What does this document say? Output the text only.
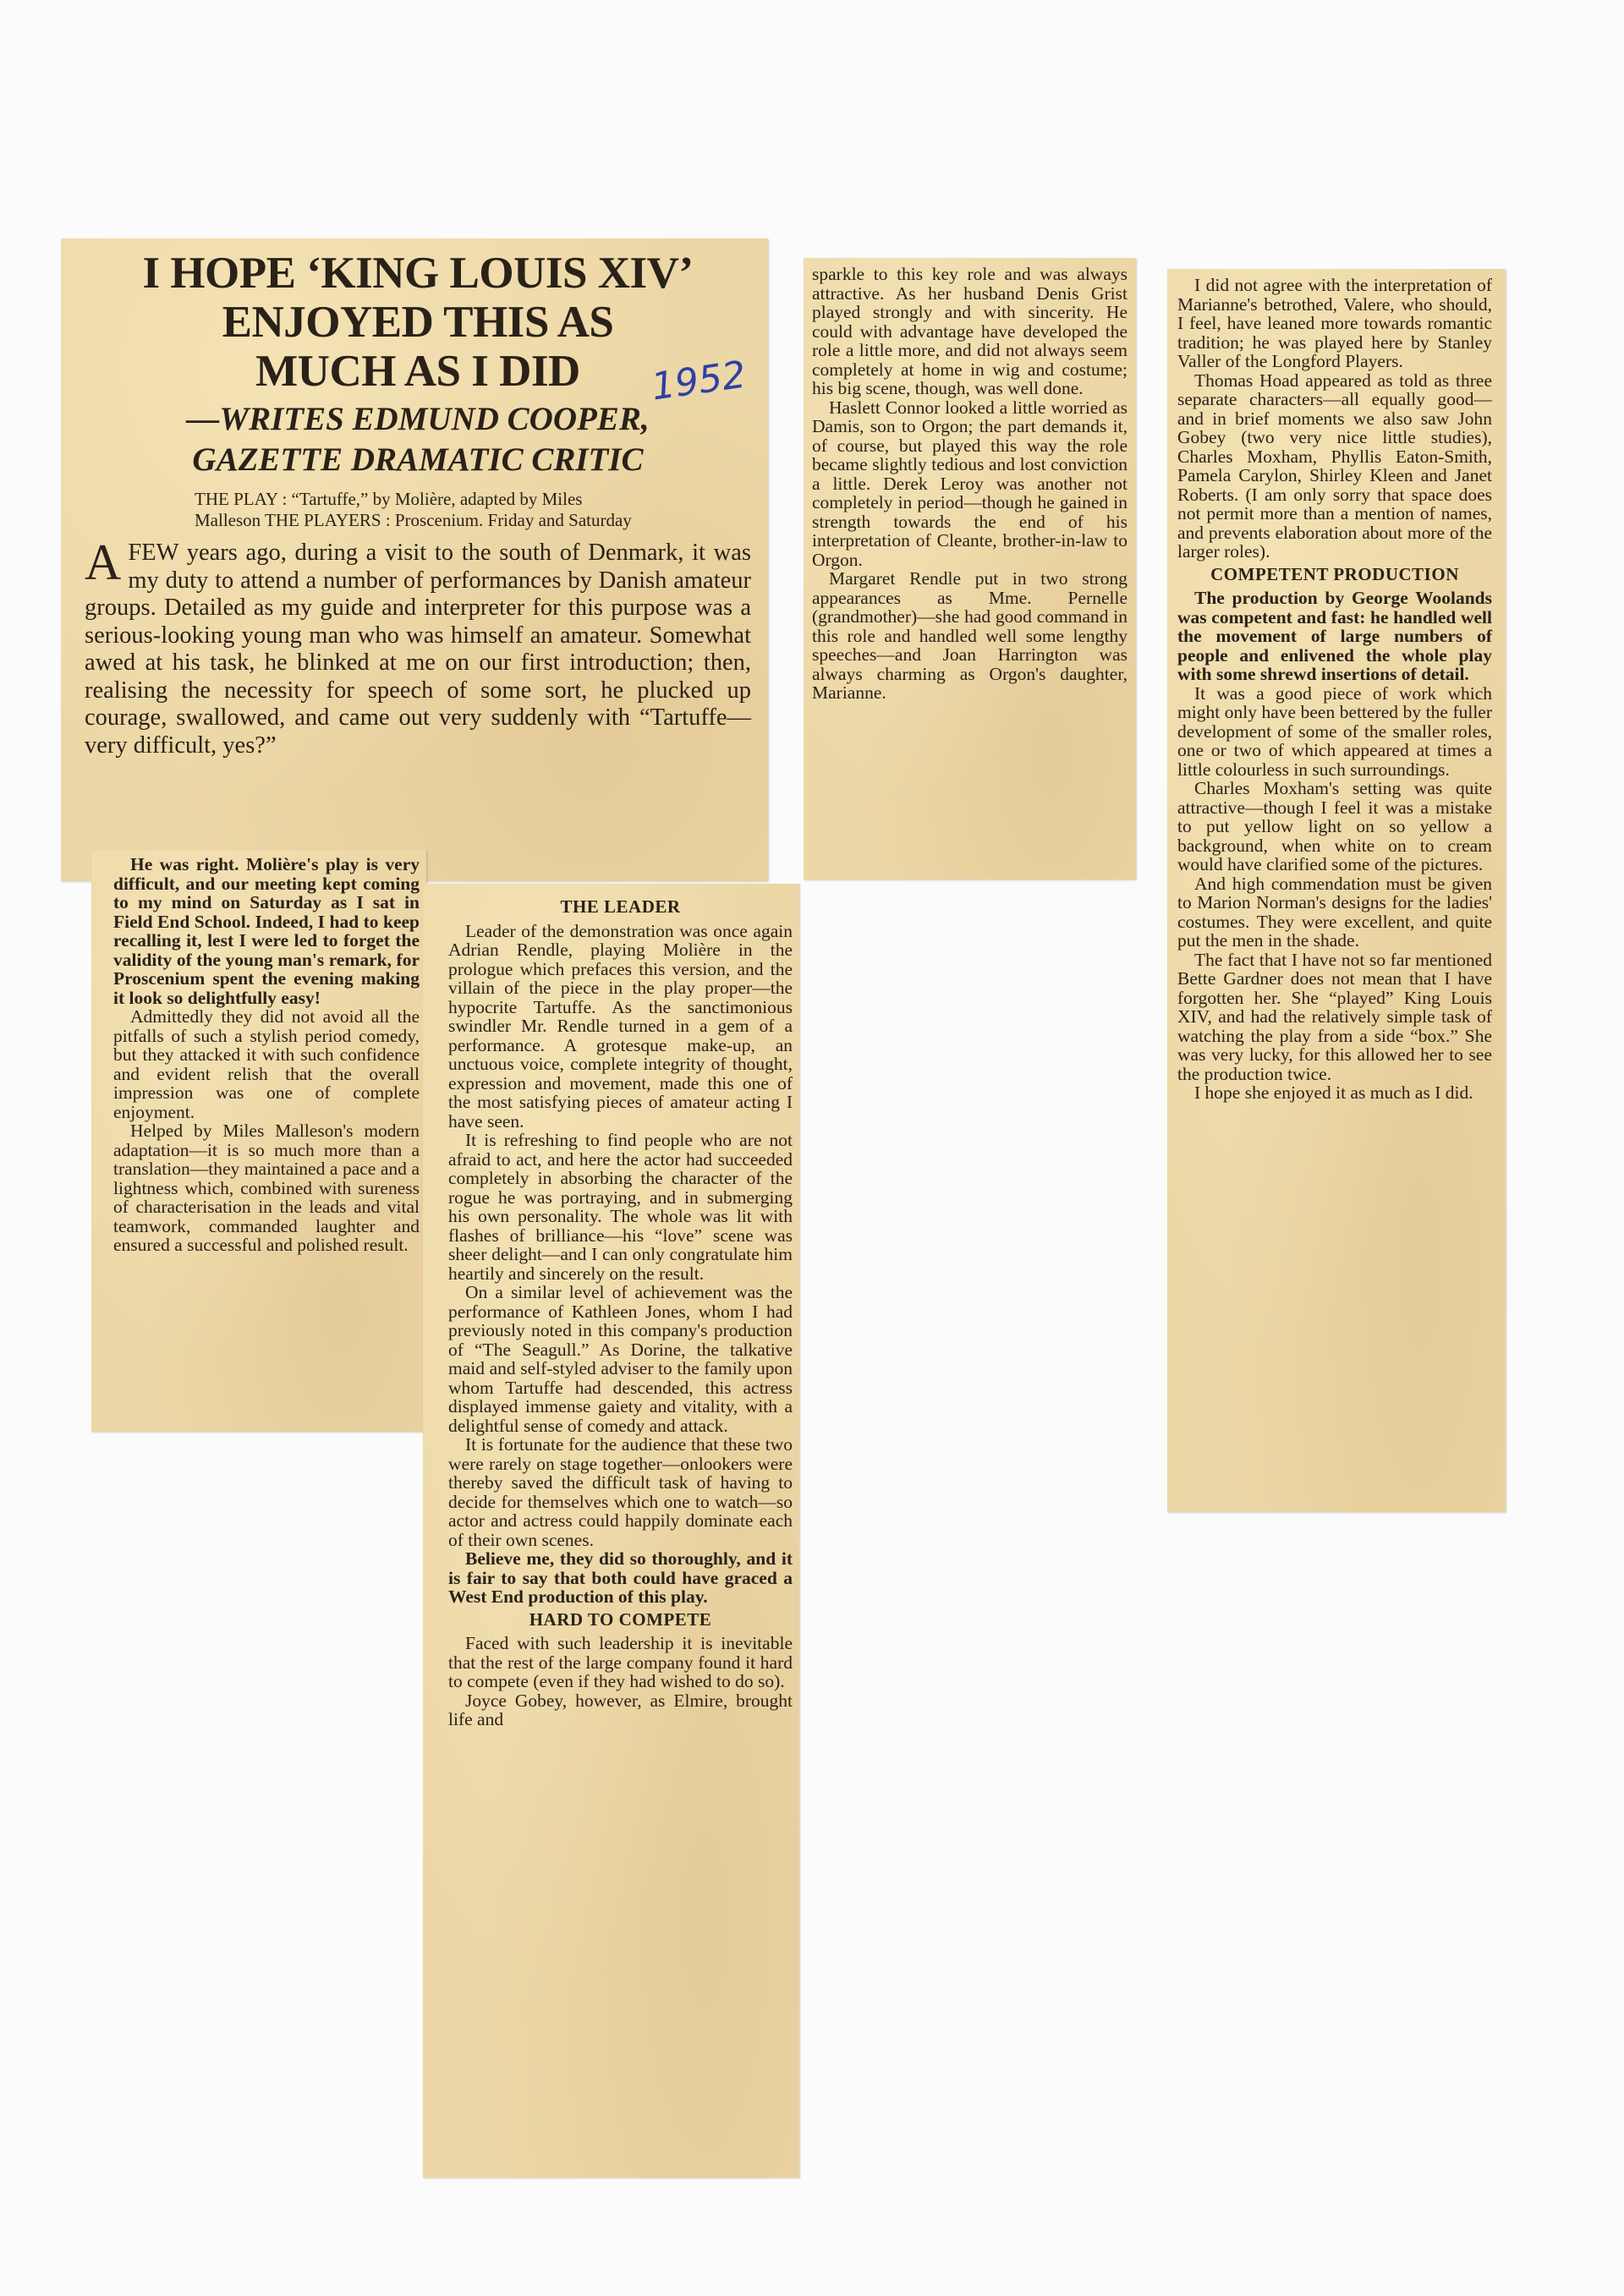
I HOPE ‘KING LOUIS XIV’
ENJOYED THIS AS
MUCH AS I DID
—WRITES EDMUND COOPER,
GAZETTE DRAMATIC CRITIC
THE PLAY : “Tartuffe,” by Molière, adapted by Miles Malleson THE PLAYERS : Proscenium. Friday and Saturday
A FEW years ago, during a visit to the south of Denmark, it was my duty to attend a number of performances by Danish amateur groups. Detailed as my guide and interpreter for this purpose was a serious-looking young man who was himself an amateur. Somewhat awed at his task, he blinked at me on our first introduction; then, realising the necessity for speech of some sort, he plucked up courage, swallowed, and came out very suddenly with “Tartuffe—very difficult, yes?”
1952

He was right. Molière's play is very difficult, and our meeting kept coming to my mind on Saturday as I sat in Field End School. Indeed, I had to keep recalling it, lest I were led to forget the validity of the young man's remark, for Proscenium spent the evening making it look so delightfully easy!

Admittedly they did not avoid all the pitfalls of such a stylish period comedy, but they attacked it with such confidence and evident relish that the overall impression was one of complete enjoyment.

Helped by Miles Malleson's modern adaptation—it is so much more than a translation—they maintained a pace and a lightness which, combined with sureness of characterisation in the leads and vital teamwork, commanded laughter and ensured a successful and polished result.

THE LEADER

Leader of the demonstration was once again Adrian Rendle, playing Molière in the prologue which prefaces this version, and the villain of the piece in the play proper—the hypocrite Tartuffe. As the sanctimonious swindler Mr. Rendle turned in a gem of a performance. A grotesque make-up, an unctuous voice, complete integrity of thought, expression and movement, made this one of the most satisfying pieces of amateur acting I have seen.

It is refreshing to find people who are not afraid to act, and here the actor had succeeded completely in absorbing the character of the rogue he was portraying, and in submerging his own personality. The whole was lit with flashes of brilliance—his “love” scene was sheer delight—and I can only congratulate him heartily and sincerely on the result.

On a similar level of achievement was the performance of Kathleen Jones, whom I had previously noted in this company's production of “The Seagull.” As Dorine, the talkative maid and self-styled adviser to the family upon whom Tartuffe had descended, this actress displayed immense gaiety and vitality, with a delightful sense of comedy and attack.

It is fortunate for the audience that these two were rarely on stage together—onlookers were thereby saved the difficult task of having to decide for themselves which one to watch—so actor and actress could happily dominate each of their own scenes.

Believe me, they did so thoroughly, and it is fair to say that both could have graced a West End production of this play.

HARD TO COMPETE

Faced with such leadership it is inevitable that the rest of the large company found it hard to compete (even if they had wished to do so).

Joyce Gobey, however, as Elmire, brought life and

sparkle to this key role and was always attractive. As her husband Denis Grist played strongly and with sincerity. He could with advantage have developed the role a little more, and did not always seem completely at home in wig and costume; his big scene, though, was well done.

Haslett Connor looked a little worried as Damis, son to Orgon; the part demands it, of course, but played this way the role became slightly tedious and lost conviction a little. Derek Leroy was another not completely in period—though he gained in strength towards the end of his interpretation of Cleante, brother-in-law to Orgon.

Margaret Rendle put in two strong appearances as Mme. Pernelle (grandmother)—she had good command in this role and handled well some lengthy speeches—and Joan Harrington was always charming as Orgon's daughter, Marianne.

I did not agree with the interpretation of Marianne's betrothed, Valere, who should, I feel, have leaned more towards romantic tradition; he was played here by Stanley Valler of the Longford Players.

Thomas Hoad appeared as told as three separate characters—all equally good—and in brief moments we also saw John Gobey (two very nice little studies), Charles Moxham, Phyllis Eaton-Smith, Pamela Carylon, Shirley Kleen and Janet Roberts. (I am only sorry that space does not permit more than a mention of names, and prevents elaboration about more of the larger roles).

COMPETENT PRODUCTION

The production by George Woolands was competent and fast: he handled well the movement of large numbers of people and enlivened the whole play with some shrewd insertions of detail.

It was a good piece of work which might only have been bettered by the fuller development of some of the smaller roles, one or two of which appeared at times a little colourless in such surroundings.

Charles Moxham's setting was quite attractive—though I feel it was a mistake to put yellow light on so yellow a background, when white on to cream would have clarified some of the pictures.

And high commendation must be given to Marion Norman's designs for the ladies' costumes. They were excellent, and quite put the men in the shade.

The fact that I have not so far mentioned Bette Gardner does not mean that I have forgotten her. She “played” King Louis XIV, and had the relatively simple task of watching the play from a side “box.” She was very lucky, for this allowed her to see the production twice.

I hope she enjoyed it as much as I did.
